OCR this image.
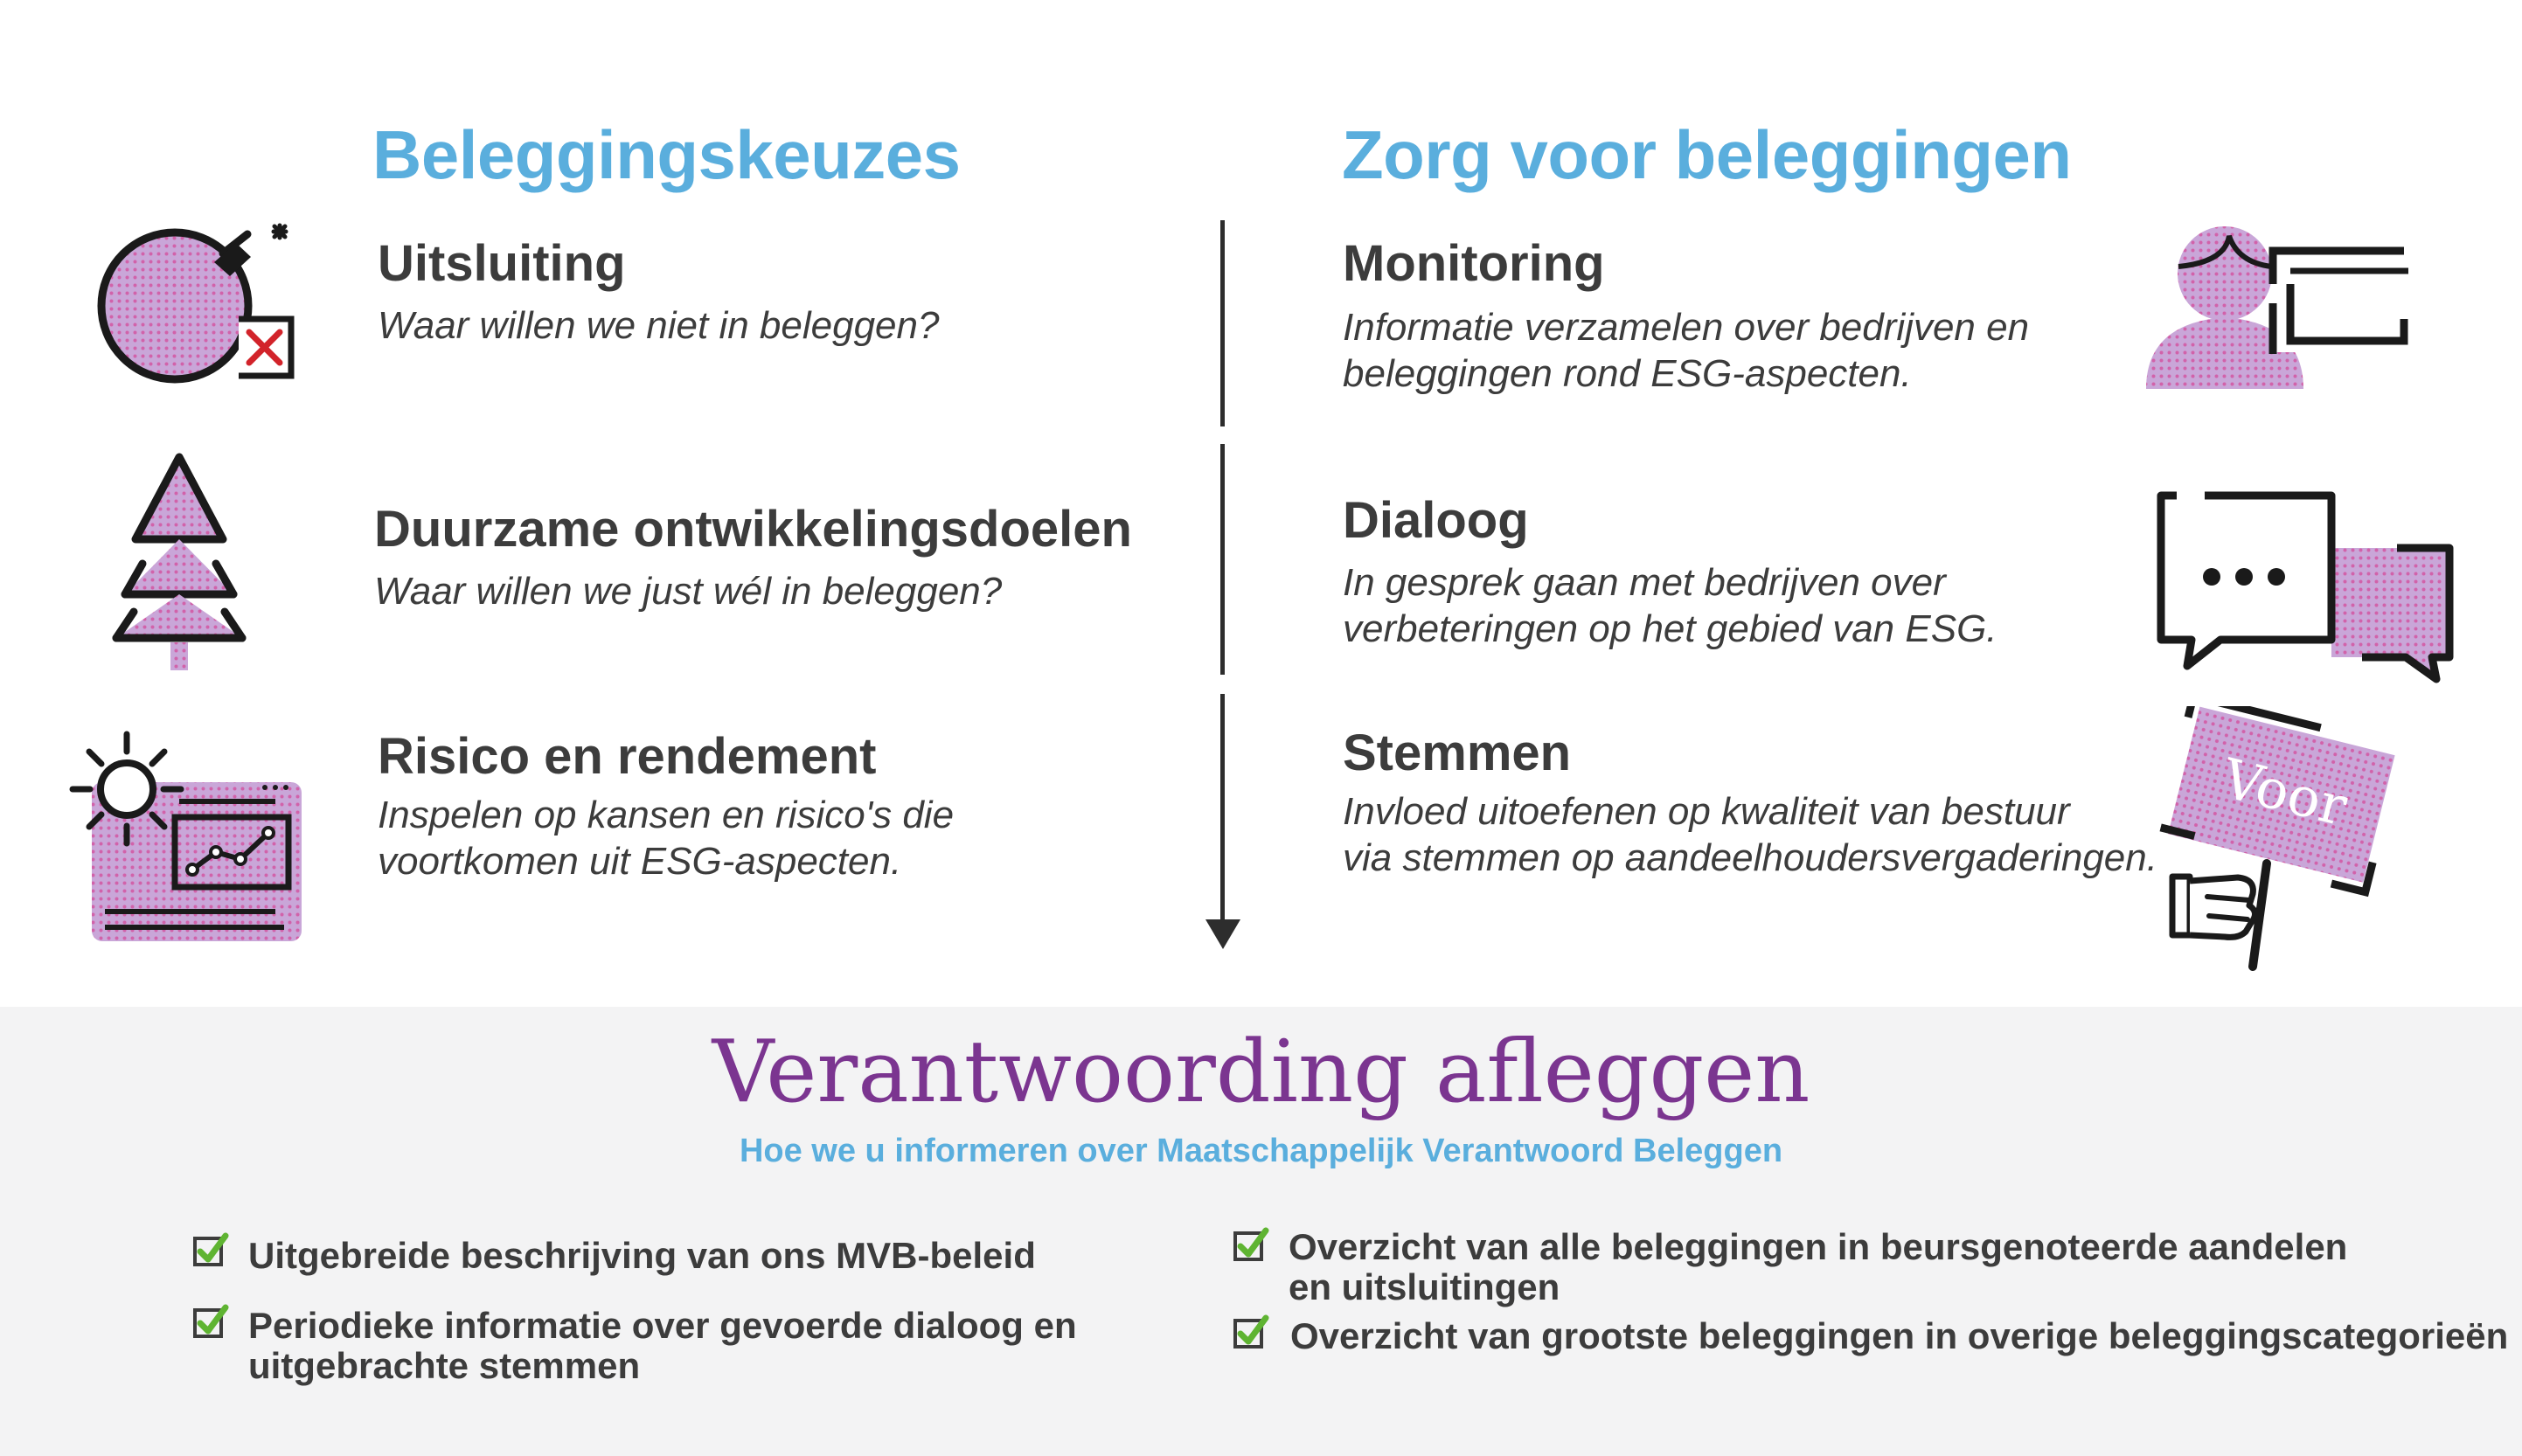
Beleggingskeuzes
Uitsluiting
Waar willen we niet in beleggen?
Duurzame ontwikkelingsdoelen
Waar willen we just wél in beleggen?
Risico en rendement
Inspelen op kansen en risico's die
voortkomen uit ESG-aspecten.
Zorg voor beleggingen
Monitoring
Informatie verzamelen over bedrijven en
beleggingen rond ESG-aspecten.
Dialoog
In gesprek gaan met bedrijven over
verbeteringen op het gebied van ESG.
Stemmen
Invloed uitoefenen op kwaliteit van bestuur
via stemmen op aandeelhoudersvergaderingen.
Voor
Verantwoording afleggen
Hoe we u informeren over Maatschappelijk Verantwoord Beleggen
Uitgebreide beschrijving van ons MVB-beleid
Periodieke informatie over gevoerde dialoog en
uitgebrachte stemmen
Overzicht van alle beleggingen in beursgenoteerde aandelen
en uitsluitingen
Overzicht van grootste beleggingen in overige beleggingscategorieën
